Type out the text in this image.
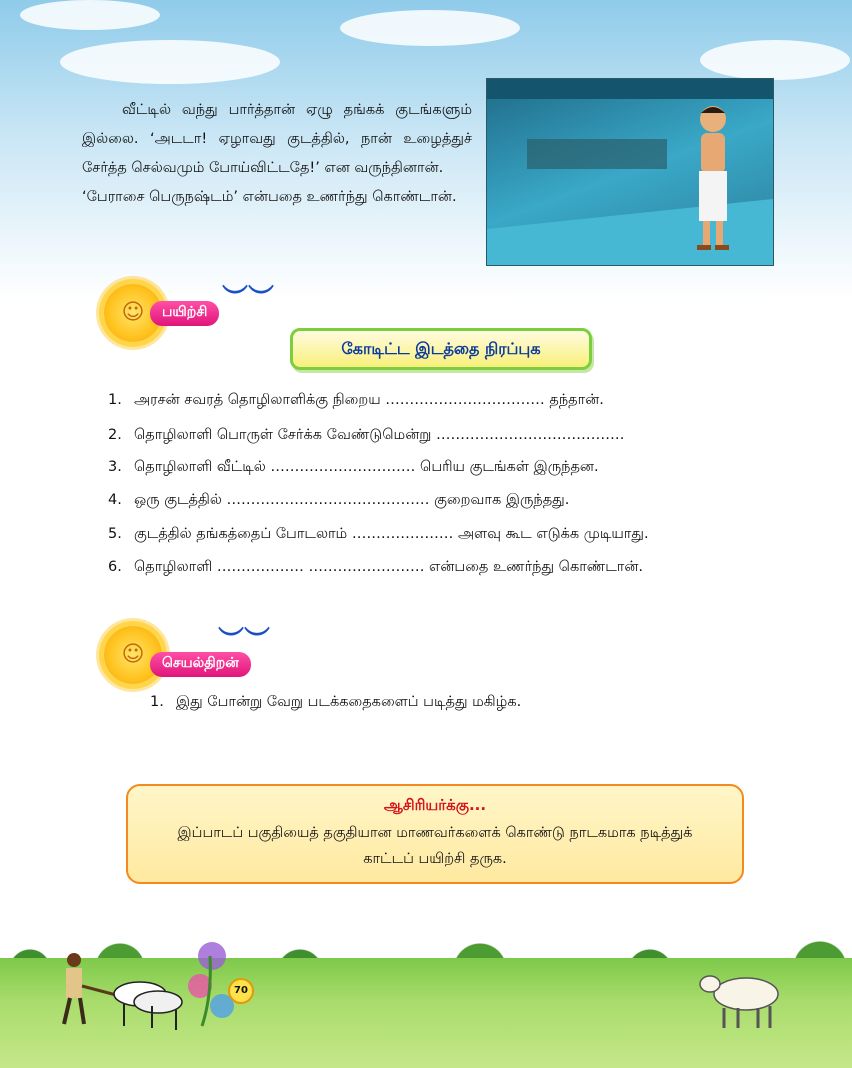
வீட்டில் வந்து பார்த்தான் ஏழு தங்கக் குடங்களும் இல்லை. ‘அடடா! ஏழாவது குடத்தில், நான் உழைத்துச் சேர்த்த செல்வமும் போய்விட்டதே!’ என வருந்தினான்.

‘பேராசை பெருநஷ்டம்’ என்பதை உணர்ந்து கொண்டான்.

☺	பயிற்சி ︶︶
கோடிட்ட இடத்தை நிரப்புக
1. அரசன் சவரத் தொழிலாளிக்கு நிறைய …………………………… தந்தான்.
2. தொழிலாளி பொருள் சேர்க்க வேண்டுமென்று …………………………………
3. தொழிலாளி வீட்டில் ………………………… பெரிய குடங்கள் இருந்தன.
4. ஒரு குடத்தில் …………………………………… குறைவாக இருந்தது.
5. குடத்தில் தங்கத்தைப் போடலாம் ………………… அளவு கூட எடுக்க முடியாது.
6. தொழிலாளி ……………… …………………… என்பதை உணர்ந்து கொண்டான்.
☺	செயல்திறன்
︶︶
1. இது போன்று வேறு படக்கதைகளைப் படித்து மகிழ்க.
ஆசிரியர்க்கு...
இப்பாடப் பகுதியைத் தகுதியான மாணவர்களைக் கொண்டு நாடகமாக நடித்துக் காட்டப் பயிற்சி தருக.
70
